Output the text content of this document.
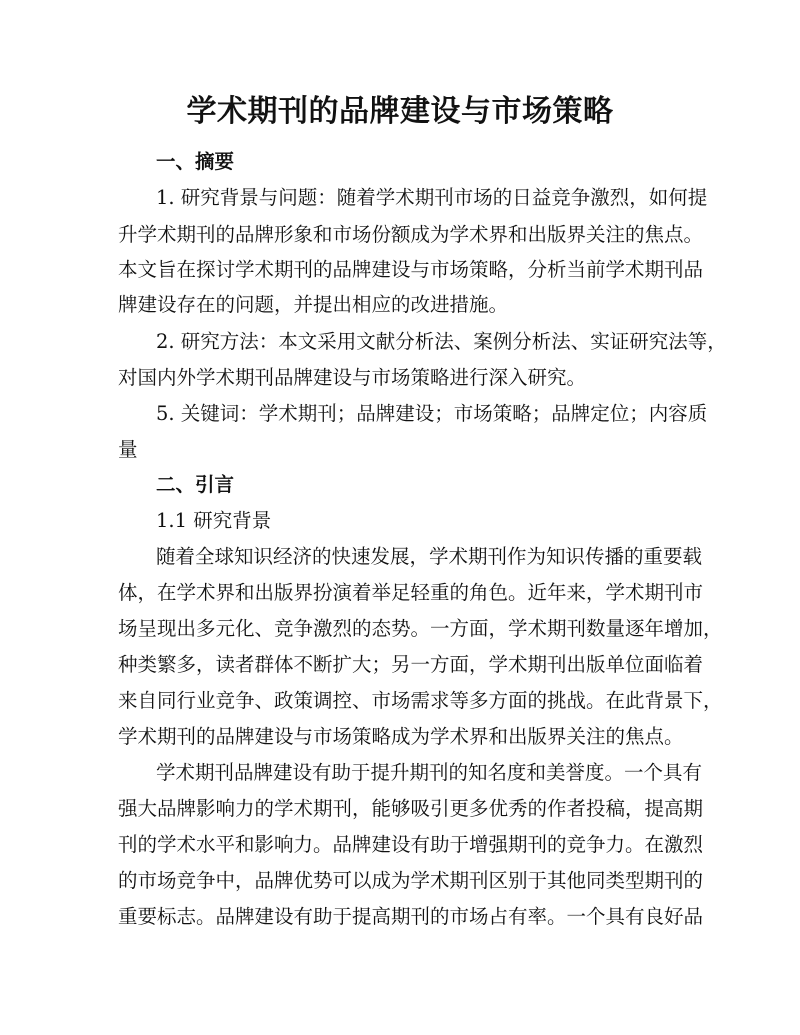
学术期刊的品牌建设与市场策略
一、摘要
1. 研究背景与问题：随着学术期刊市场的日益竞争激烈，如何提
升学术期刊的品牌形象和市场份额成为学术界和出版界关注的焦点。
本文旨在探讨学术期刊的品牌建设与市场策略，分析当前学术期刊品
牌建设存在的问题，并提出相应的改进措施。
2. 研究方法：本文采用文献分析法、案例分析法、实证研究法等，
对国内外学术期刊品牌建设与市场策略进行深入研究。
5. 关键词：学术期刊；品牌建设；市场策略；品牌定位；内容质
量
二、引言
1.1 研究背景
随着全球知识经济的快速发展，学术期刊作为知识传播的重要载
体，在学术界和出版界扮演着举足轻重的角色。近年来，学术期刊市
场呈现出多元化、竞争激烈的态势。一方面，学术期刊数量逐年增加，
种类繁多，读者群体不断扩大；另一方面，学术期刊出版单位面临着
来自同行业竞争、政策调控、市场需求等多方面的挑战。在此背景下，
学术期刊的品牌建设与市场策略成为学术界和出版界关注的焦点。
学术期刊品牌建设有助于提升期刊的知名度和美誉度。一个具有
强大品牌影响力的学术期刊，能够吸引更多优秀的作者投稿，提高期
刊的学术水平和影响力。品牌建设有助于增强期刊的竞争力。在激烈
的市场竞争中，品牌优势可以成为学术期刊区别于其他同类型期刊的
重要标志。品牌建设有助于提高期刊的市场占有率。一个具有良好品
